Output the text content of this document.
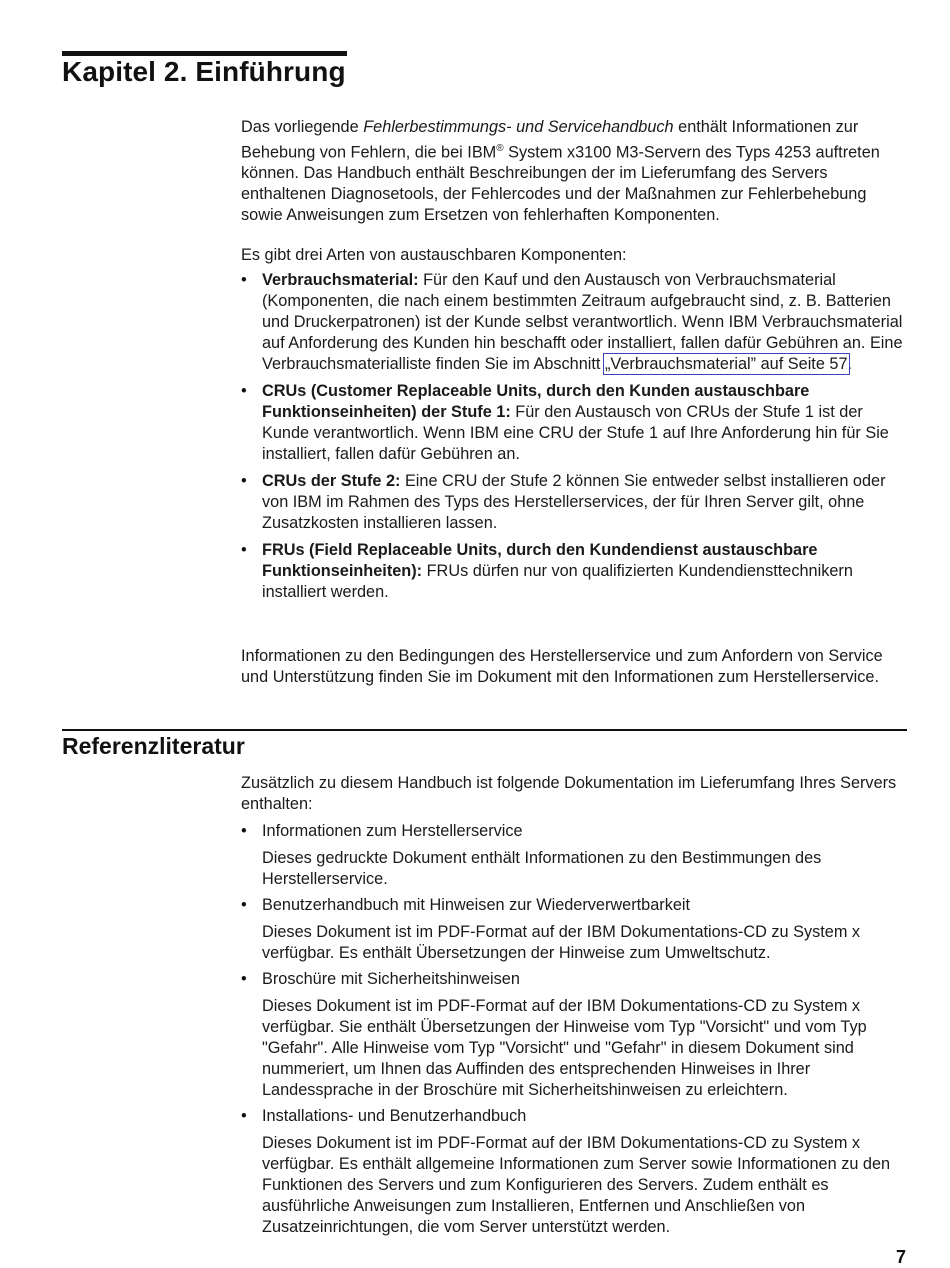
Kapitel 2. Einführung

Das vorliegende Fehlerbestimmungs- und Servicehandbuch enthält Informationen zur Behebung von Fehlern, die bei IBM® System x3100 M3-Servern des Typs 4253 auftreten können. Das Handbuch enthält Beschreibungen der im Lieferumfang des Servers enthaltenen Diagnosetools, der Fehlercodes und der Maßnahmen zur Fehlerbehebung sowie Anweisungen zum Ersetzen von fehlerhaften Komponenten.

Es gibt drei Arten von austauschbaren Komponenten:

• Verbrauchsmaterial: Für den Kauf und den Austausch von Verbrauchsmaterial (Komponenten, die nach einem bestimmten Zeitraum aufgebraucht sind, z. B. Batterien und Druckerpatronen) ist der Kunde selbst verantwortlich. Wenn IBM Verbrauchsmaterial auf Anforderung des Kunden hin beschafft oder installiert, fallen dafür Gebühren an. Eine Verbrauchsmaterialliste finden Sie im Abschnitt „Verbrauchsmaterial” auf Seite 57.
• CRUs (Customer Replaceable Units, durch den Kunden austauschbare Funktionseinheiten) der Stufe 1: Für den Austausch von CRUs der Stufe 1 ist der Kunde verantwortlich. Wenn IBM eine CRU der Stufe 1 auf Ihre Anforderung hin für Sie installiert, fallen dafür Gebühren an.
• CRUs der Stufe 2: Eine CRU der Stufe 2 können Sie entweder selbst installieren oder von IBM im Rahmen des Typs des Herstellerservices, der für Ihren Server gilt, ohne Zusatzkosten installieren lassen.
• FRUs (Field Replaceable Units, durch den Kundendienst austauschbare Funktionseinheiten): FRUs dürfen nur von qualifizierten Kundendiensttechnikern installiert werden.

Informationen zu den Bedingungen des Herstellerservice und zum Anfordern von Service und Unterstützung finden Sie im Dokument mit den Informationen zum Herstellerservice.

Referenzliteratur

Zusätzlich zu diesem Handbuch ist folgende Dokumentation im Lieferumfang Ihres Servers enthalten:

• Informationen zum Herstellerservice
Dieses gedruckte Dokument enthält Informationen zu den Bestimmungen des Herstellerservice.
• Benutzerhandbuch mit Hinweisen zur Wiederverwertbarkeit
Dieses Dokument ist im PDF-Format auf der IBM Dokumentations-CD zu System x verfügbar. Es enthält Übersetzungen der Hinweise zum Umweltschutz.
• Broschüre mit Sicherheitshinweisen
Dieses Dokument ist im PDF-Format auf der IBM Dokumentations-CD zu System x verfügbar. Sie enthält Übersetzungen der Hinweise vom Typ "Vorsicht" und vom Typ "Gefahr". Alle Hinweise vom Typ "Vorsicht" und "Gefahr" in diesem Dokument sind nummeriert, um Ihnen das Auffinden des entsprechenden Hinweises in Ihrer Landessprache in der Broschüre mit Sicherheitshinweisen zu erleichtern.
• Installations- und Benutzerhandbuch
Dieses Dokument ist im PDF-Format auf der IBM Dokumentations-CD zu System x verfügbar. Es enthält allgemeine Informationen zum Server sowie Informationen zu den Funktionen des Servers und zum Konfigurieren des Servers. Zudem enthält es ausführliche Anweisungen zum Installieren, Entfernen und Anschließen von Zusatzeinrichtungen, die vom Server unterstützt werden.
7
